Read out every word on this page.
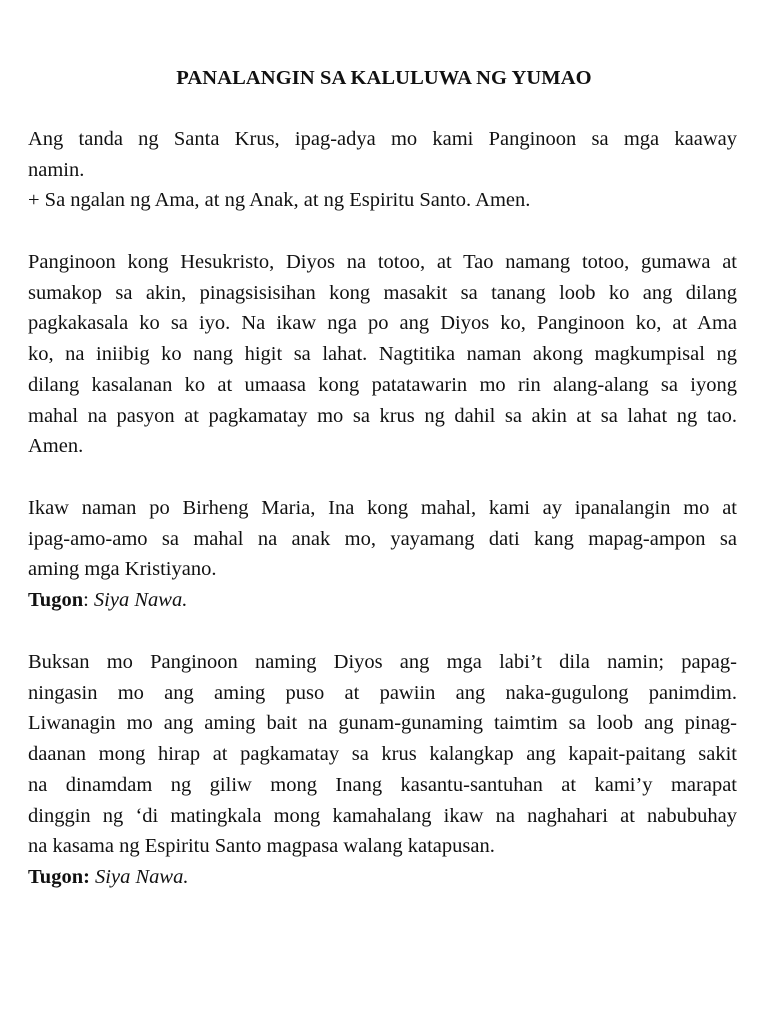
PANALANGIN SA KALULUWA NG YUMAO
Ang tanda ng Santa Krus, ipag-adya mo kami Panginoon sa mga kaaway
namin.
+ Sa ngalan ng Ama, at ng Anak, at ng Espiritu Santo. Amen.
Panginoon kong Hesukristo, Diyos na totoo, at Tao namang totoo, gumawa at
sumakop sa akin, pinagsisisihan kong masakit sa tanang loob ko ang dilang
pagkakasala ko sa iyo. Na ikaw nga po ang Diyos ko, Panginoon ko, at Ama
ko, na iniibig ko nang higit sa lahat. Nagtitika naman akong magkumpisal ng
dilang kasalanan ko at umaasa kong patatawarin mo rin alang-alang sa iyong
mahal na pasyon at pagkamatay mo sa krus ng dahil sa akin at sa lahat ng tao.
Amen.
Ikaw naman po Birheng Maria, Ina kong mahal, kami ay ipanalangin mo at
ipag-amo-amo sa mahal na anak mo, yayamang dati kang mapag-ampon sa
aming mga Kristiyano.
Tugon: Siya Nawa.
Buksan mo Panginoon naming Diyos ang mga labi’t dila namin; papag-
ningasin mo ang aming puso at pawiin ang naka-gugulong panimdim.
Liwanagin mo ang aming bait na gunam-gunaming taimtim sa loob ang pinag-
daanan mong hirap at pagkamatay sa krus kalangkap ang kapait-paitang sakit
na dinamdam ng giliw mong Inang kasantu-santuhan at kami’y marapat
dinggin ng ‘di matingkala mong kamahalang ikaw na naghahari at nabubuhay
na kasama ng Espiritu Santo magpasa walang katapusan.
Tugon: Siya Nawa.
